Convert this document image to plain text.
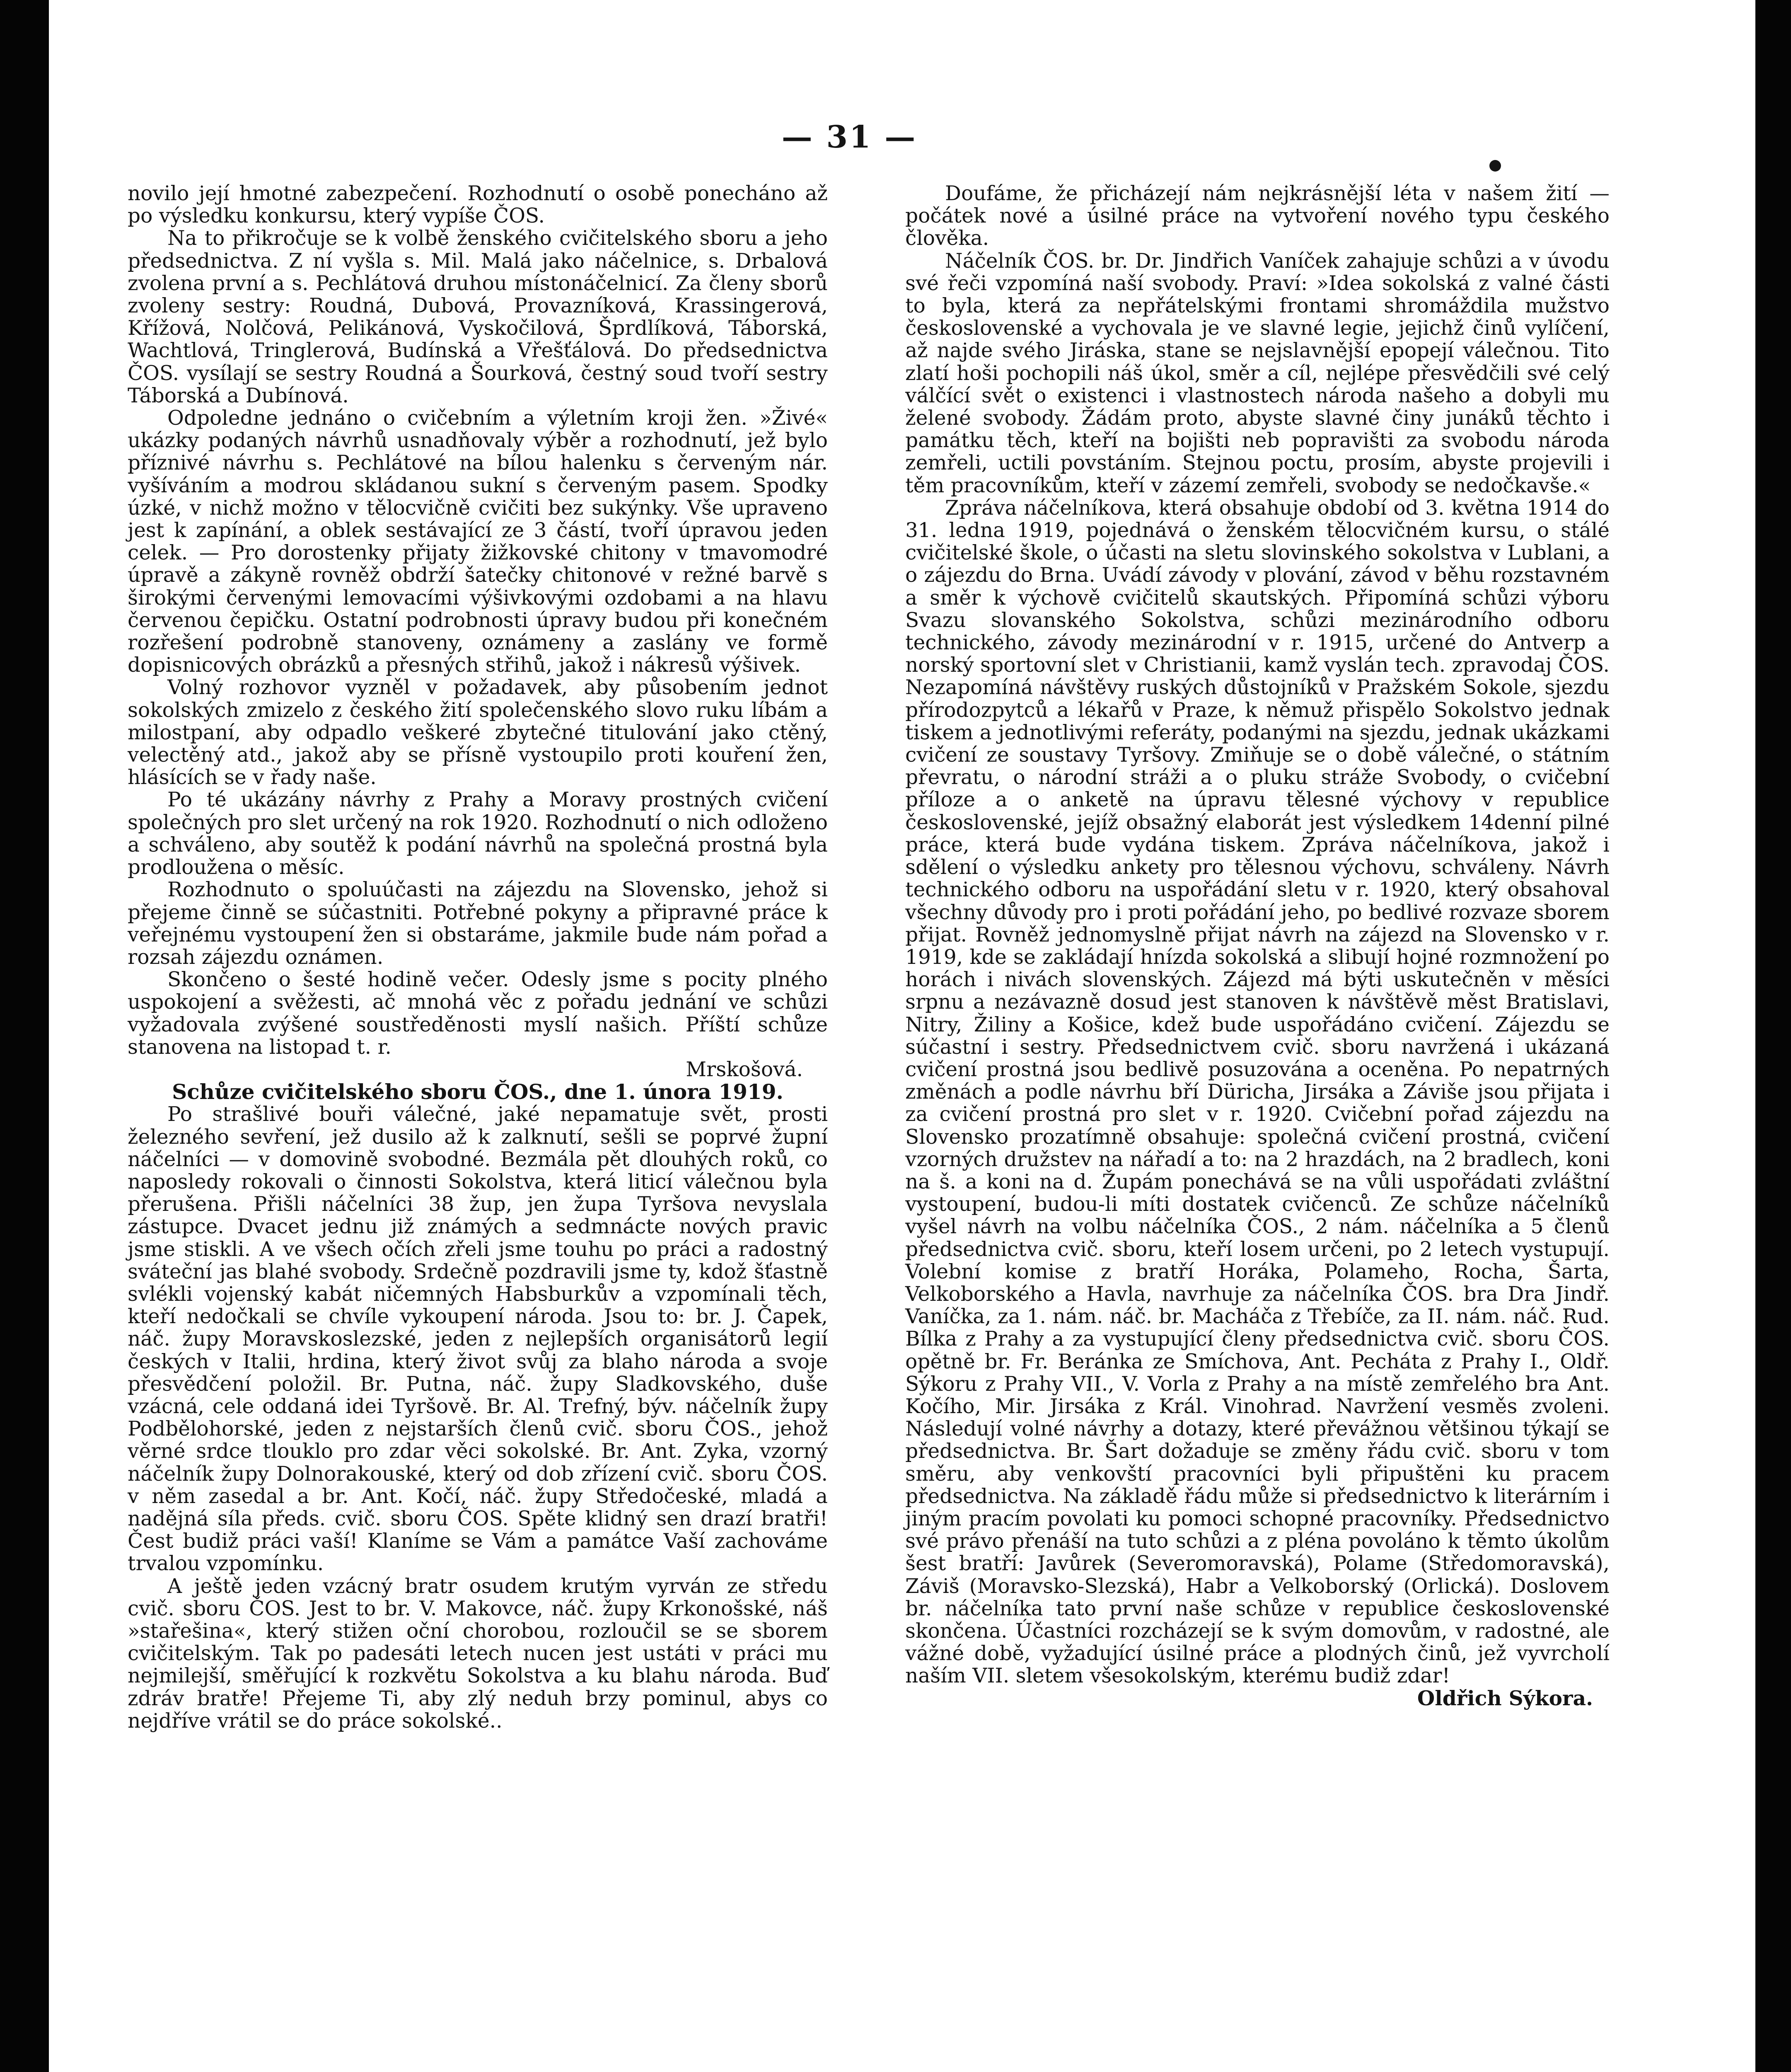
— 31 —

novilo její hmotné zabezpečení. Rozhodnutí o osobě ponecháno až po výsledku konkursu, který vypíše ČOS.

Na to přikročuje se k volbě ženského cvičitelského sboru a jeho předsednictva. Z ní vyšla s. Mil. Malá jako náčelnice, s. Drbalová zvolena první a s. Pechlátová druhou místonáčelnicí. Za členy sborů zvoleny sestry: Roudná, Dubová, Provazníková, Krassingerová, Křížová, Nolčová, Pelikánová, Vyskočilová, Šprdlíková, Táborská, Wachtlová, Tringlerová, Budínská a Vřešťálová. Do předsednictva ČOS. vysílají se sestry Roudná a Šourková, čestný soud tvoří sestry Táborská a Dubínová.

Odpoledne jednáno o cvičebním a výletním kroji žen. »Živé« ukázky podaných návrhů usnadňovaly výběr a rozhodnutí, jež bylo příznivé návrhu s. Pechlátové na bílou halenku s červeným nár. vyšíváním a modrou skládanou sukní s červeným pasem. Spodky úzké, v nichž možno v tělocvičně cvičiti bez sukýnky. Vše upraveno jest k zapínání, a oblek sestávající ze 3 částí, tvoří úpravou jeden celek. — Pro dorostenky přijaty žižkovské chitony v tmavomodré úpravě a zákyně rovněž obdrží šatečky chitonové v režné barvě s širokými červenými lemovacími výšivkovými ozdobami a na hlavu červenou čepičku. Ostatní podrobnosti úpravy budou při konečném rozřešení podrobně stanoveny, oznámeny a zaslány ve formě dopisnicových obrázků a přesných střihů, jakož i nákresů výšivek.

Volný rozhovor vyzněl v požadavek, aby působením jednot sokolských zmizelo z českého žití společenského slovo ruku líbám a milostpaní, aby odpadlo veškeré zbytečné titulování jako ctěný, velectěný atd., jakož aby se přísně vystoupilo proti kouření žen, hlásících se v řady naše.

Po té ukázány návrhy z Prahy a Moravy prostných cvičení společných pro slet určený na rok 1920. Rozhodnutí o nich odloženo a schváleno, aby soutěž k podání návrhů na společná prostná byla prodloužena o měsíc.

Rozhodnuto o spoluúčasti na zájezdu na Slovensko, jehož si přejeme činně se súčastniti. Potřebné pokyny a připravné práce k veřejnému vystoupení žen si obstaráme, jakmile bude nám pořad a rozsah zájezdu oznámen.

Skončeno o šesté hodině večer. Odesly jsme s pocity plného uspokojení a svěžesti, ač mnohá věc z pořadu jednání ve schůzi vyžadovala zvýšené soustředěnosti myslí našich. Příští schůze stanovena na listopad t. r.

Mrskošová.

Schůze cvičitelského sboru ČOS., dne 1. února 1919.

Po strašlivé bouři válečné, jaké nepamatuje svět, prosti železného sevření, jež dusilo až k zalknutí, sešli se poprvé župní náčelníci — v domovině svobodné. Bezmála pět dlouhých roků, co naposledy rokovali o činnosti Sokolstva, která liticí válečnou byla přerušena. Přišli náčelníci 38 žup, jen župa Tyršova nevyslala zástupce. Dvacet jednu již známých a sedmnácte nových pravic jsme stiskli. A ve všech očích zřeli jsme touhu po práci a radostný sváteční jas blahé svobody. Srdečně pozdravili jsme ty, kdož šťastně svlékli vojenský kabát ničemných Habsburkův a vzpomínali těch, kteří nedočkali se chvíle vykoupení národa. Jsou to: br. J. Čapek, náč. župy Moravskoslezské, jeden z nejlepších organisátorů legií českých v Italii, hrdina, který život svůj za blaho národa a svoje přesvědčení položil. Br. Putna, náč. župy Sladkovského, duše vzácná, cele oddaná idei Tyršově. Br. Al. Trefný, býv. náčelník župy Podbělohorské, jeden z nejstarších členů cvič. sboru ČOS., jehož věrné srdce tlouklo pro zdar věci sokolské. Br. Ant. Zyka, vzorný náčelník župy Dolnorakouské, který od dob zřízení cvič. sboru ČOS. v něm zasedal a br. Ant. Kočí, náč. župy Středočeské, mladá a nadějná síla předs. cvič. sboru ČOS. Spěte klidný sen drazí bratři! Čest budiž práci vaší! Klaníme se Vám a památce Vaší zachováme trvalou vzpomínku.

A ještě jeden vzácný bratr osudem krutým vyrván ze středu cvič. sboru ČOS. Jest to br. V. Makovce, náč. župy Krkonošské, náš »stařešina«, který stižen oční chorobou, rozloučil se se sborem cvičitelským. Tak po padesáti letech nucen jest ustáti v práci mu nejmilejší, směřující k rozkvětu Sokolstva a ku blahu národa. Buď zdráv bratře! Přejeme Ti, aby zlý neduh brzy pominul, abys co nejdříve vrátil se do práce sokolské..

Doufáme, že přicházejí nám nejkrásnější léta v našem žití — počátek nové a úsilné práce na vytvoření nového typu českého člověka.

Náčelník ČOS. br. Dr. Jindřich Vaníček zahajuje schůzi a v úvodu své řeči vzpomíná naší svobody. Praví: »Idea sokolská z valné části to byla, která za nepřátelskými frontami shromáždila mužstvo československé a vychovala je ve slavné legie, jejichž činů vylíčení, až najde svého Jiráska, stane se nejslavnější epopejí válečnou. Tito zlatí hoši pochopili náš úkol, směr a cíl, nejlépe přesvědčili své celý válčící svět o existenci i vlastnostech národa našeho a dobyli mu želené svobody. Žádám proto, abyste slavné činy junáků těchto i památku těch, kteří na bojišti neb popravišti za svobodu národa zemřeli, uctili povstáním. Stejnou poctu, prosím, abyste projevili i těm pracovníkům, kteří v zázemí zemřeli, svobody se nedočkavše.«

Zpráva náčelníkova, která obsahuje období od 3. května 1914 do 31. ledna 1919, pojednává o ženském tělocvičném kursu, o stálé cvičitelské škole, o účasti na sletu slovinského sokolstva v Lublani, a o zájezdu do Brna. Uvádí závody v plování, závod v běhu rozstavném a směr k výchově cvičitelů skautských. Připomíná schůzi výboru Svazu slovanského Sokolstva, schůzi mezinárodního odboru technického, závody mezinárodní v r. 1915, určené do Antverp a norský sportovní slet v Christianii, kamž vyslán tech. zpravodaj ČOS. Nezapomíná návštěvy ruských důstojníků v Pražském Sokole, sjezdu přírodozpytců a lékařů v Praze, k němuž přispělo Sokolstvo jednak tiskem a jednotlivými referáty, podanými na sjezdu, jednak ukázkami cvičení ze soustavy Tyršovy. Zmiňuje se o době válečné, o státním převratu, o národní stráži a o pluku stráže Svobody, o cvičební příloze a o anketě na úpravu tělesné výchovy v republice československé, jejíž obsažný elaborát jest výsledkem 14denní pilné práce, která bude vydána tiskem. Zpráva náčelníkova, jakož i sdělení o výsledku ankety pro tělesnou výchovu, schváleny. Návrh technického odboru na uspořádání sletu v r. 1920, který obsahoval všechny důvody pro i proti pořádání jeho, po bedlivé rozvaze sborem přijat. Rovněž jednomyslně přijat návrh na zájezd na Slovensko v r. 1919, kde se zakládají hnízda sokolská a slibují hojné rozmnožení po horách i nivách slovenských. Zájezd má býti uskutečněn v měsíci srpnu a nezávazně dosud jest stanoven k návštěvě měst Bratislavi, Nitry, Žiliny a Košice, kdež bude uspořádáno cvičení. Zájezdu se súčastní i sestry. Předsednictvem cvič. sboru navržená i ukázaná cvičení prostná jsou bedlivě posuzována a oceněna. Po nepatrných změnách a podle návrhu bří Düricha, Jirsáka a Záviše jsou přijata i za cvičení prostná pro slet v r. 1920. Cvičební pořad zájezdu na Slovensko prozatímně obsahuje: společná cvičení prostná, cvičení vzorných družstev na nářadí a to: na 2 hrazdách, na 2 bradlech, koni na š. a koni na d. Župám ponechává se na vůli uspořádati zvláštní vystoupení, budou-li míti dostatek cvičenců. Ze schůze náčelníků vyšel návrh na volbu náčelníka ČOS., 2 nám. náčelníka a 5 členů předsednictva cvič. sboru, kteří losem určeni, po 2 letech vystupují. Volební komise z bratří Horáka, Polameho, Rocha, Šarta, Velkoborského a Havla, navrhuje za náčelníka ČOS. bra Dra Jindř. Vaníčka, za 1. nám. náč. br. Macháča z Třebíče, za II. nám. náč. Rud. Bílka z Prahy a za vystupující členy předsednictva cvič. sboru ČOS. opětně br. Fr. Beránka ze Smíchova, Ant. Pecháta z Prahy I., Oldř. Sýkoru z Prahy VII., V. Vorla z Prahy a na místě zemřelého bra Ant. Kočího, Mir. Jirsáka z Král. Vinohrad. Navržení vesměs zvoleni. Následují volné návrhy a dotazy, které převážnou většinou týkají se předsednictva. Br. Šart dožaduje se změny řádu cvič. sboru v tom směru, aby venkovští pracovníci byli připuštěni ku pracem předsednictva. Na základě řádu může si předsednictvo k literárním i jiným pracím povolati ku pomoci schopné pracovníky. Předsednictvo své právo přenáší na tuto schůzi a z pléna povoláno k těmto úkolům šest bratří: Javůrek (Severomoravská), Polame (Středomoravská), Záviš (Moravsko-Slezská), Habr a Velkoborský (Orlická). Doslovem br. náčelníka tato první naše schůze v republice československé skončena. Účastníci rozcházejí se k svým domovům, v radostné, ale vážné době, vyžadující úsilné práce a plodných činů, jež vyvrcholí naším VII. sletem všesokolským, kterému budiž zdar!

Oldřich Sýkora.
